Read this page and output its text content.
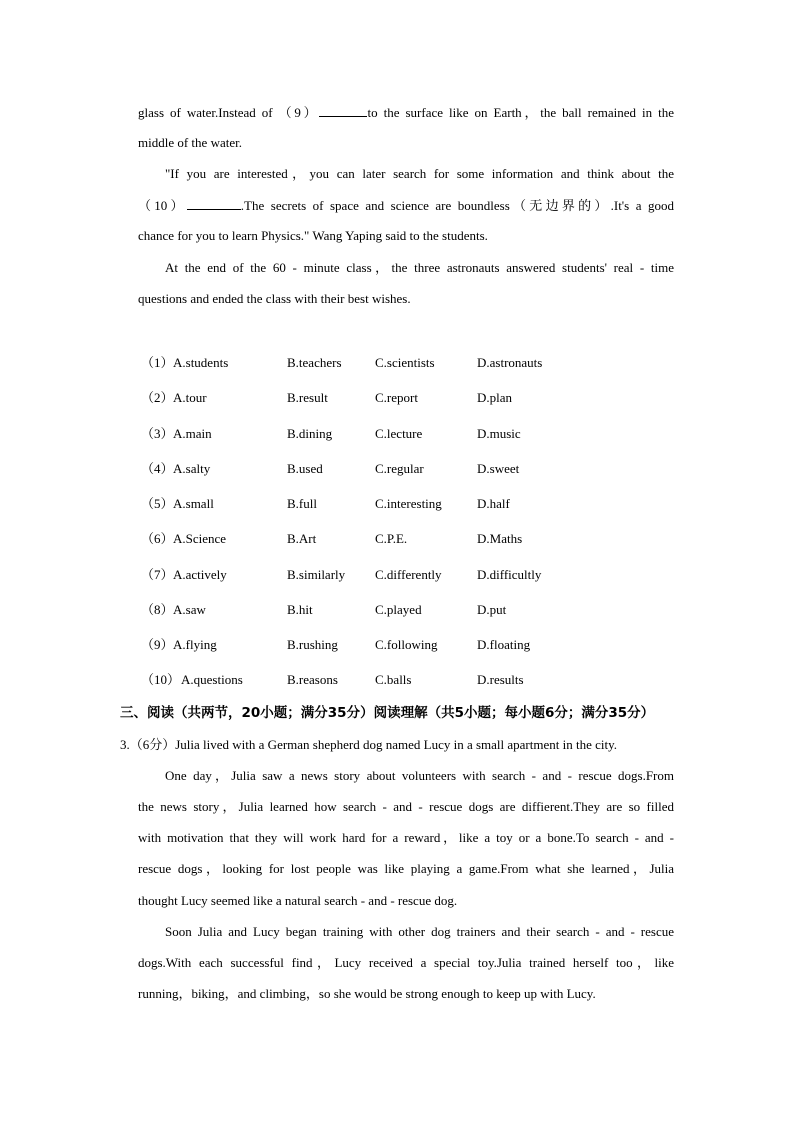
glass of water.Instead of （9）	to the surface like on Earth，the ball remained in the
middle of the water.
"If you are interested，you can later search for some information and think about the
（10）	.The secrets of space and science are boundless（无边界的）.It's a good
chance for you to learn Physics." Wang Yaping said to the students.
At the end of the 60 - minute class，the three astronauts answered students' real - time
questions and ended the class with their best wishes.
（1） A.students	B.teachers	C.scientists	D.astronauts
（2） A.tour	B.result	C.report	D.plan
（3） A.main	B.dining	C.lecture	D.music
（4） A.salty	B.used	C.regular	D.sweet
（5） A.small	B.full	C.interesting	D.half
（6） A.Science	B.Art	C.P.E.	D.Maths
（7） A.actively	B.similarly C.differently	D.difficultly
（8） A.saw	B.hit	C.played	D.put
（9） A.flying	B.rushing	C.following	D.floating
（10） A.questions	B.reasons	C.balls	D.results
三、阅读（共两节，20小题；满分35分）阅读理解（共5小题；每小题6分；满分35分）
3.（6分）Julia lived with a German shepherd dog named Lucy in a small apartment in the city.
One day，Julia saw a news story about volunteers with search - and - rescue dogs.From
the news story，Julia learned how search - and - rescue dogs are diffierent.They are so filled
with motivation that they will work hard for a reward，like a toy or a bone.To search - and -
rescue dogs，looking for lost people was like playing a game.From what she learned，Julia
thought Lucy seemed like a natural search - and - rescue dog.
Soon Julia and Lucy began training with other dog trainers and their search - and - rescue
dogs.With each successful find，Lucy received a special toy.Julia trained herself too，like
running，biking，and climbing，so she would be strong enough to keep up with Lucy.
